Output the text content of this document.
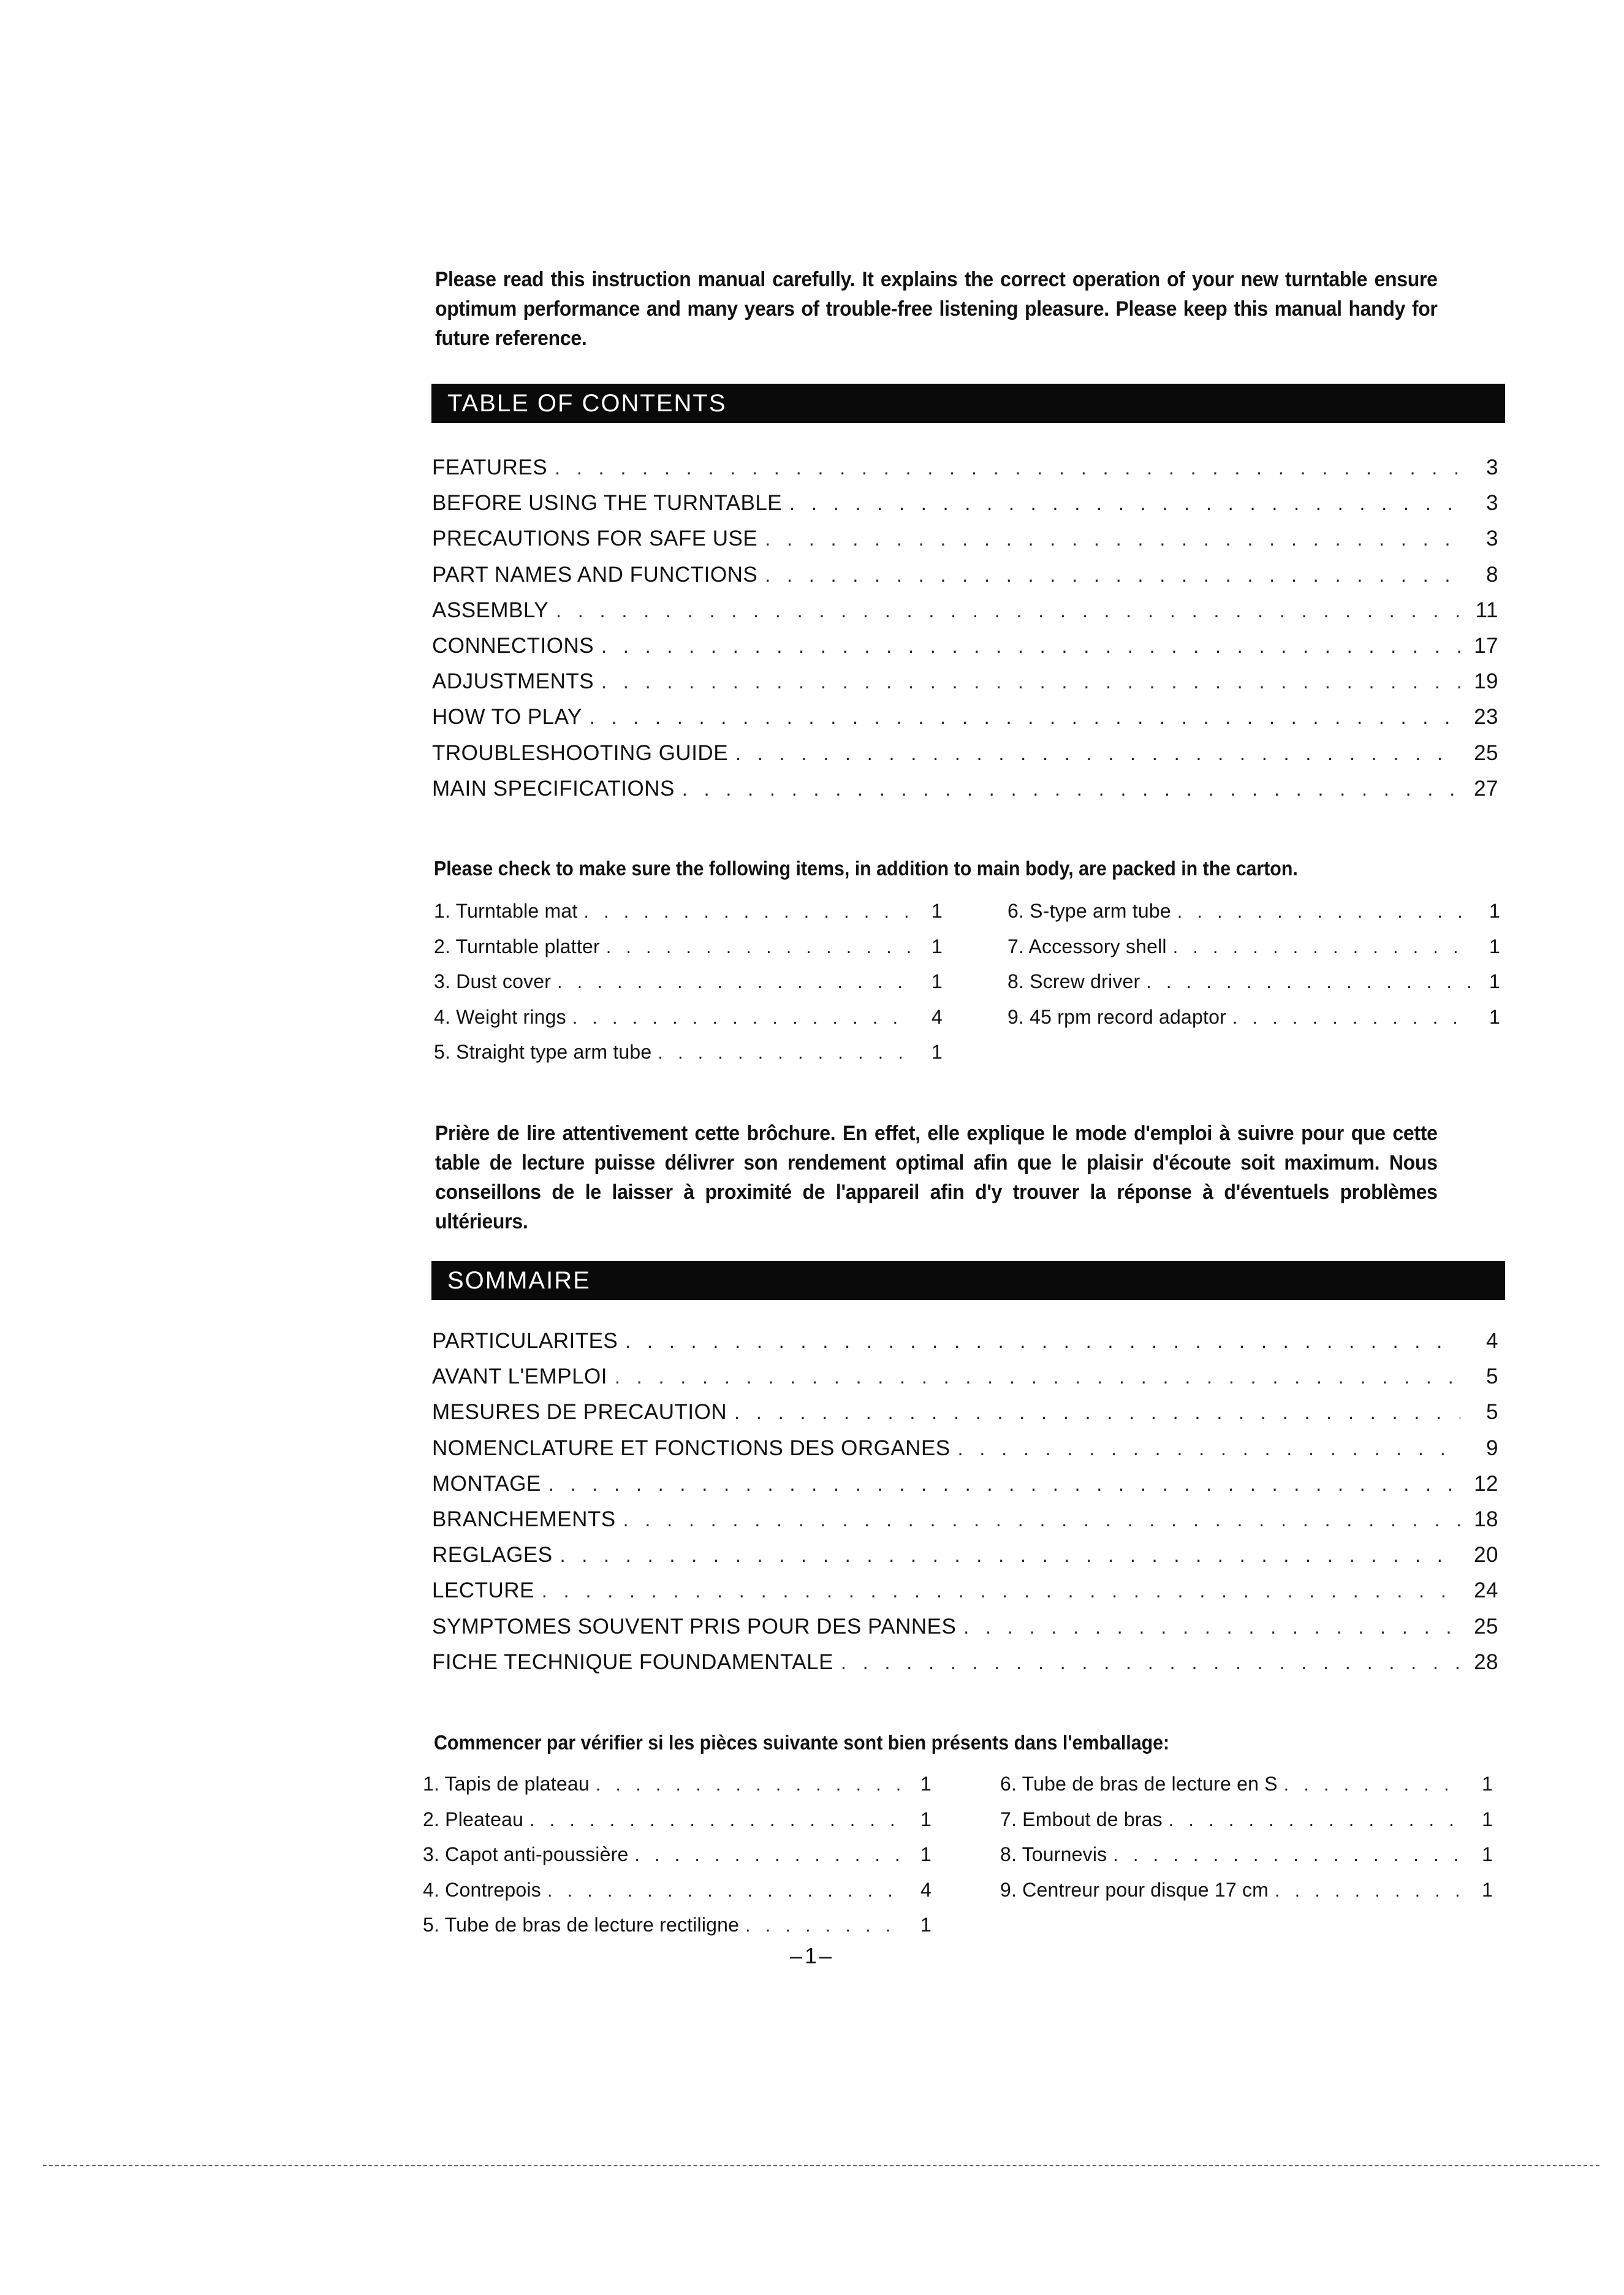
Please read this instruction manual carefully. It explains the correct operation of your new turntable ensure optimum performance and many years of trouble-free listening pleasure. Please keep this manual handy for future reference.
TABLE OF CONTENTS
FEATURES . . .	3
BEFORE USING THE TURNTABLE . . .	3
PRECAUTIONS FOR SAFE USE . . .	3
PART NAMES AND FUNCTIONS . . .	8
ASSEMBLY . . .	11
CONNECTIONS . . .	17
ADJUSTMENTS . . .	19
HOW TO PLAY . . .	23
TROUBLESHOOTING GUIDE . . .	25
MAIN SPECIFICATIONS . . .	27
Please check to make sure the following items, in addition to main body, are packed in the carton.
1. Turntable mat . . .	1
2. Turntable platter . . .	1
3. Dust cover . . .	1
4. Weight rings . . .	4
5. Straight type arm tube . . .	1
6. S-type arm tube . . .	1
7. Accessory shell . . .	1
8. Screw driver . . .	1
9. 45 rpm record adaptor . . .	1
Prière de lire attentivement cette brôchure. En effet, elle explique le mode d'emploi à suivre pour que cette table de lecture puisse délivrer son rendement optimal afin que le plaisir d'écoute soit maximum. Nous conseillons de le laisser à proximité de l'appareil afin d'y trouver la réponse à d'éventuels problèmes ultérieurs.
SOMMAIRE
PARTICULARITES . . .	4
AVANT L'EMPLOI . . .	5
MESURES DE PRECAUTION . . .	5
NOMENCLATURE ET FONCTIONS DES ORGANES . . .	9
MONTAGE . . .	12
BRANCHEMENTS . . .	18
REGLAGES . . .	20
LECTURE . . .	24
SYMPTOMES SOUVENT PRIS POUR DES PANNES . . .	25
FICHE TECHNIQUE FOUNDAMENTALE . . .	28
Commencer par vérifier si les pièces suivante sont bien présents dans l'emballage:
1. Tapis de plateau . . .	1
2. Pleateau . . .	1
3. Capot anti-poussière . . .	1
4. Contrepois . . .	4
5. Tube de bras de lecture rectiligne . . .	1
6. Tube de bras de lecture en S . . .	1
7. Embout de bras . . .	1
8. Tournevis . . .	1
9. Centreur pour disque 17 cm . . .	1
–1–
